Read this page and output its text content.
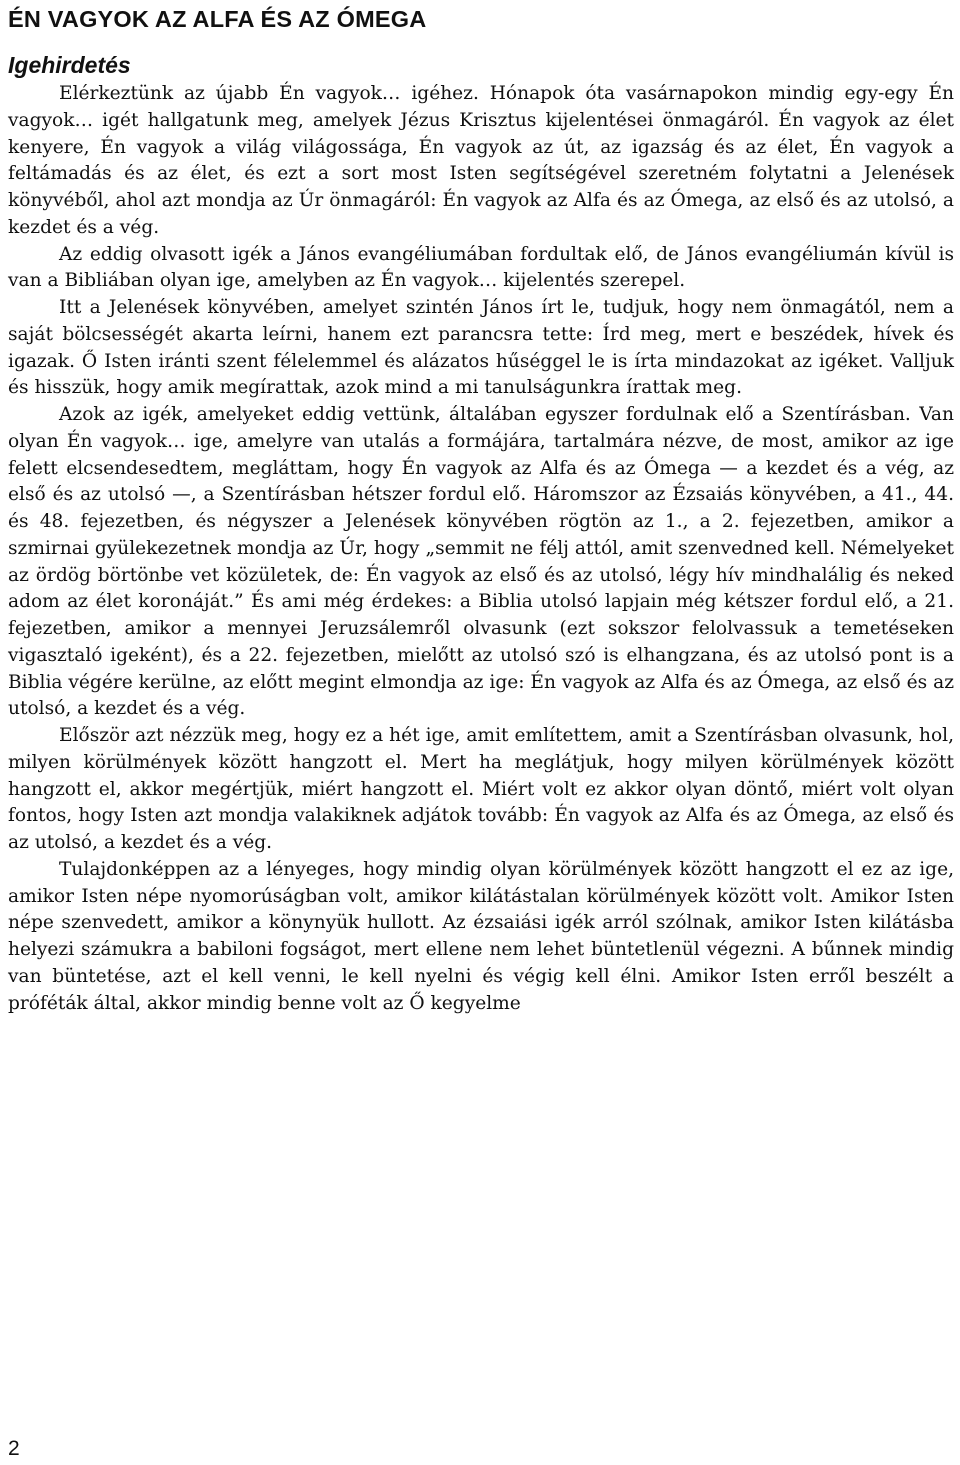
ÉN VAGYOK AZ ALFA ÉS AZ ÓMEGA
Igehirdetés

Elérkeztünk az újabb Én vagyok… igéhez. Hónapok óta vasárnapokon mindig egy-egy Én vagyok… igét hallgatunk meg, amelyek Jézus Krisztus kijelentései önmagáról. Én vagyok az élet kenyere, Én vagyok a világ világossága, Én vagyok az út, az igazság és az élet, Én vagyok a feltámadás és az élet, és ezt a sort most Isten segítségével szeretném folytatni a Jelenések könyvéből, ahol azt mondja az Úr önmagáról: Én vagyok az Alfa és az Ómega, az első és az utolsó, a kezdet és a vég.

Az eddig olvasott igék a János evangéliumában fordultak elő, de János evangéliumán kívül is van a Bibliában olyan ige, amelyben az Én vagyok… kijelentés szerepel.

Itt a Jelenések könyvében, amelyet szintén János írt le, tudjuk, hogy nem önmagától, nem a saját bölcsességét akarta leírni, hanem ezt parancsra tette: Írd meg, mert e beszédek, hívek és igazak. Ő Isten iránti szent félelemmel és alázatos hűséggel le is írta mindazokat az igéket. Valljuk és hisszük, hogy amik megírattak, azok mind a mi tanulságunkra írattak meg.

Azok az igék, amelyeket eddig vettünk, általában egyszer fordulnak elő a Szentírásban. Van olyan Én vagyok… ige, amelyre van utalás a formájára, tartalmára nézve, de most, amikor az ige felett elcsendesedtem, megláttam, hogy Én vagyok az Alfa és az Ómega — a kezdet és a vég, az első és az utolsó —, a Szentírásban hétszer fordul elő. Háromszor az Ézsaiás könyvében, a 41., 44. és 48. fejezetben, és négyszer a Jelenések könyvében rögtön az 1., a 2. fejezetben, amikor a szmirnai gyülekezetnek mondja az Úr, hogy „semmit ne félj attól, amit szenvedned kell. Némelyeket az ördög börtönbe vet közületek, de: Én vagyok az első és az utolsó, légy hív mindhalálig és neked adom az élet koronáját.” És ami még érdekes: a Biblia utolsó lapjain még kétszer fordul elő, a 21. fejezetben, amikor a mennyei Jeruzsálemről olvasunk (ezt sokszor felolvassuk a temetéseken vigasztaló igeként), és a 22. fejezetben, mielőtt az utolsó szó is elhangzana, és az utolsó pont is a Biblia végére kerülne, az előtt megint elmondja az ige: Én vagyok az Alfa és az Ómega, az első és az utolsó, a kezdet és a vég.

Először azt nézzük meg, hogy ez a hét ige, amit említettem, amit a Szentírásban olvasunk, hol, milyen körülmények között hangzott el. Mert ha meglátjuk, hogy milyen körülmények között hangzott el, akkor megértjük, miért hangzott el. Miért volt ez akkor olyan döntő, miért volt olyan fontos, hogy Isten azt mondja valakiknek adjátok tovább: Én vagyok az Alfa és az Ómega, az első és az utolsó, a kezdet és a vég.

Tulajdonképpen az a lényeges, hogy mindig olyan körülmények között hangzott el ez az ige, amikor Isten népe nyomorúságban volt, amikor kilátástalan körülmények között volt. Amikor Isten népe szenvedett, amikor a könynyük hullott. Az ézsaiási igék arról szólnak, amikor Isten kilátásba helyezi számukra a babiloni fogságot, mert ellene nem lehet büntetlenül végezni. A bűnnek mindig van büntetése, azt el kell venni, le kell nyelni és végig kell élni. Amikor Isten erről beszélt a próféták által, akkor mindig benne volt az Ő kegyelme

2
